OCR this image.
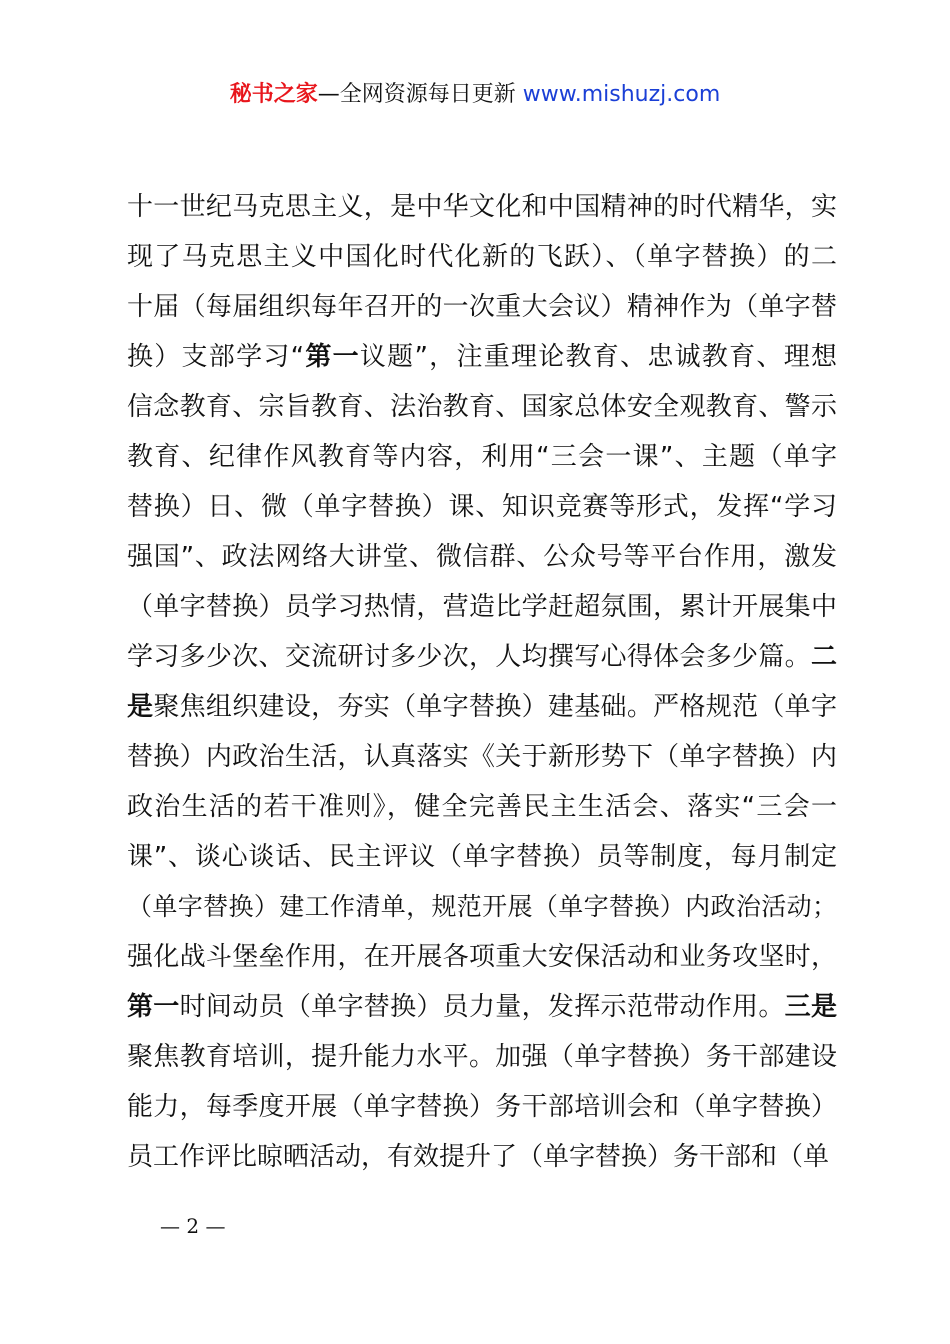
秘书之家—全网资源每日更新 www.mishuzj.com
十一世纪马克思主义，是中华文化和中国精神的时代精华，实
现了马克思主义中国化时代化新的飞跃）、（单字替换）的二
十届（每届组织每年召开的一次重大会议）精神作为（单字替
换）支部学习“第一议题”，注重理论教育、忠诚教育、理想
信念教育、宗旨教育、法治教育、国家总体安全观教育、警示
教育、纪律作风教育等内容，利用“三会一课”、主题（单字
替换）日、微（单字替换）课、知识竞赛等形式，发挥“学习
强国”、政法网络大讲堂、微信群、公众号等平台作用，激发
（单字替换）员学习热情，营造比学赶超氛围，累计开展集中
学习多少次、交流研讨多少次，人均撰写心得体会多少篇。二
是聚焦组织建设，夯实（单字替换）建基础。严格规范（单字
替换）内政治生活，认真落实《关于新形势下（单字替换）内
政治生活的若干准则》，健全完善民主生活会、落实“三会一
课”、谈心谈话、民主评议（单字替换）员等制度，每月制定
（单字替换）建工作清单，规范开展（单字替换）内政治活动；
强化战斗堡垒作用，在开展各项重大安保活动和业务攻坚时，
第一时间动员（单字替换）员力量，发挥示范带动作用。三是
聚焦教育培训，提升能力水平。加强（单字替换）务干部建设
能力，每季度开展（单字替换）务干部培训会和（单字替换）
员工作评比晾晒活动，有效提升了（单字替换）务干部和（单
— 2 —
